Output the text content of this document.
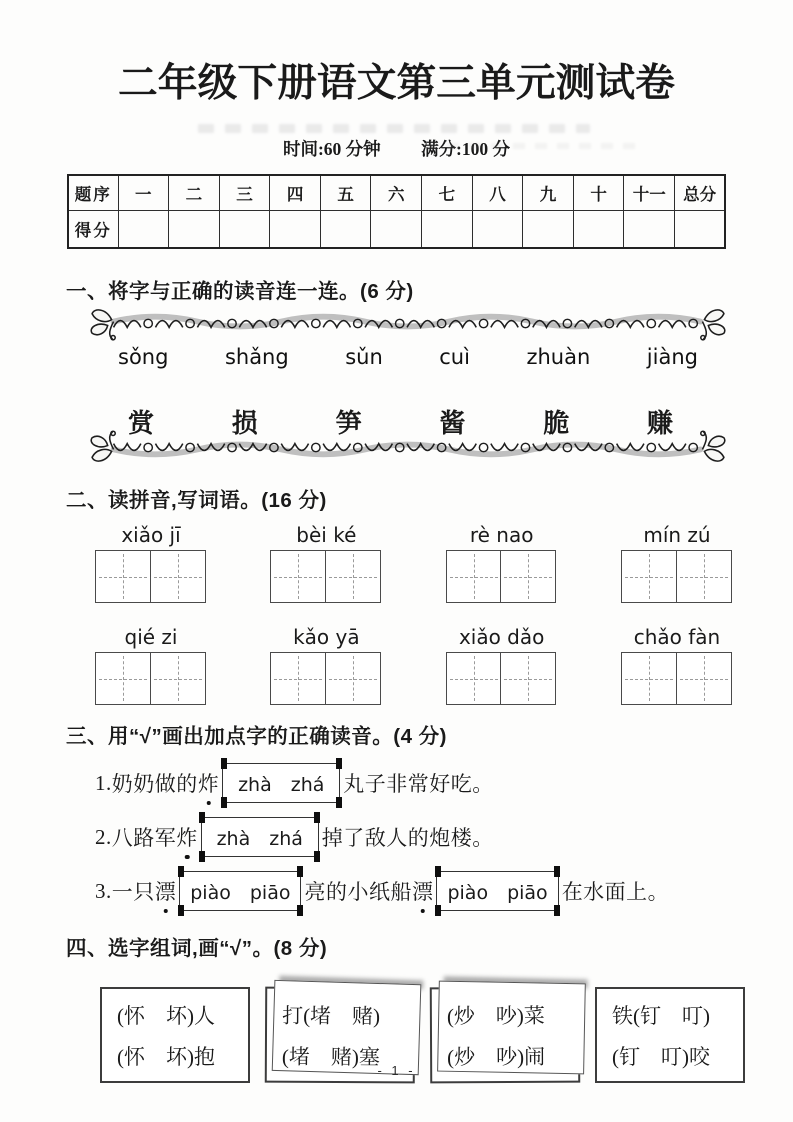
二年级下册语文第三单元测试卷
时间:60 分钟 满分:100 分
题序	一	二	三	四	五	六	七	八	九	十	十一	总分
得分												
一、将字与正确的读音连一连。(6 分)
sǒng	shǎng	sǔn	cuì	zhuàn	jiàng
赏	损	笋	酱	脆	赚
二、读拼音,写词语。(16 分)
xiǎo jī	bèi ké	rè nao	mín zú
qié zi	kǎo yā	xiǎo dǎo	chǎo fàn
三、用“√”画出加点字的正确读音。(4 分)
1. 奶奶做的 炸 zhà　zhá 丸子非常好吃。
2. 八路军 炸 zhà　zhá 掉了敌人的炮楼。
3. 一只 漂 piào　piāo 亮的小纸船 漂 piào　piāo 在水面上。
四、选字组词,画“√”。(8 分)
(怀　坏)人
(怀　坏)抱
打(堵　赌)
(堵　赌)塞
(炒　吵)菜
(炒　吵)闹
铁(钉　叮)
(钉　叮)咬
- 1 -
